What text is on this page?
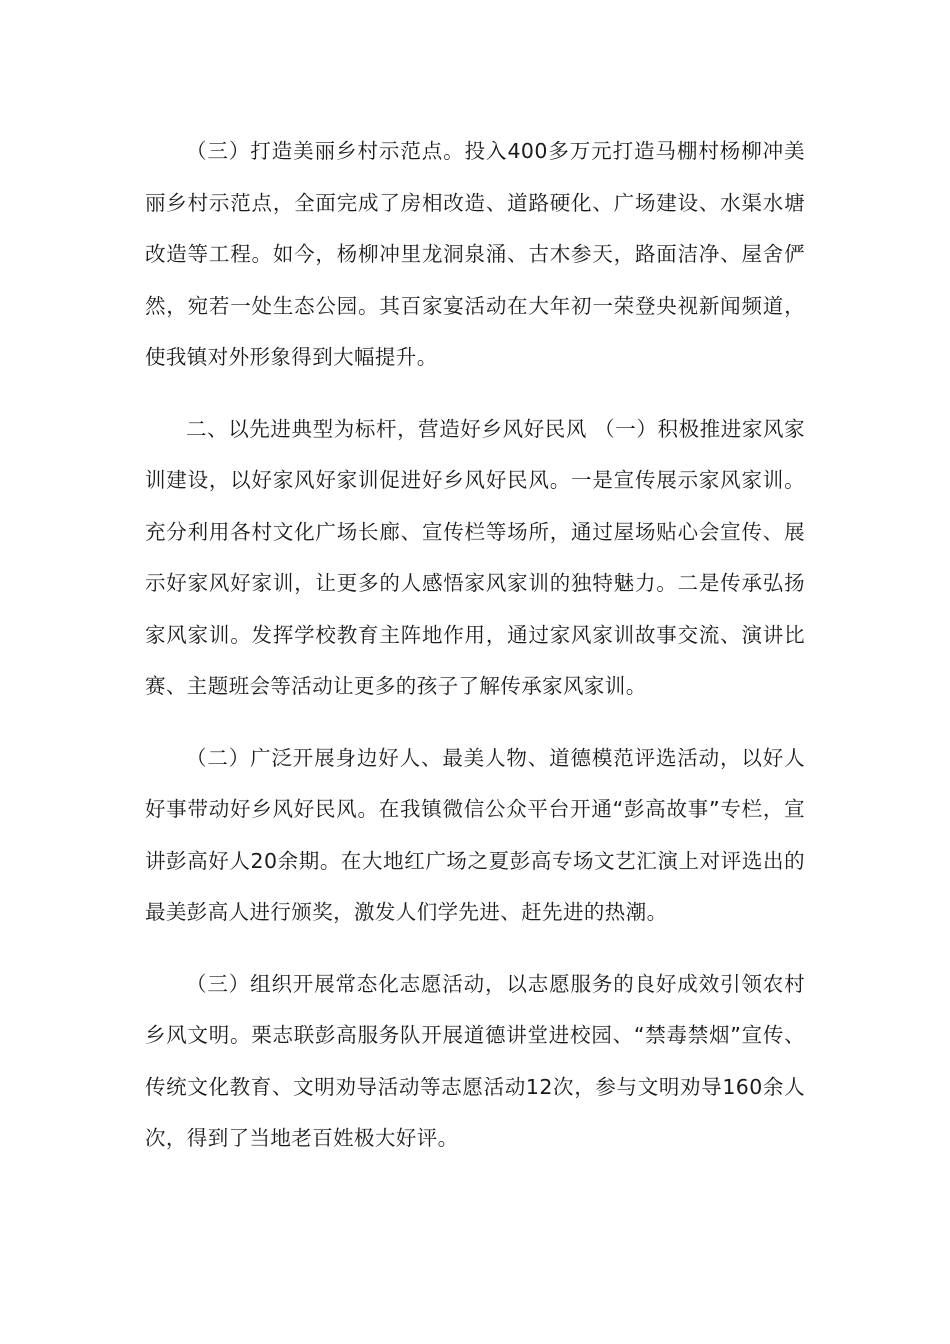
（三）打造美丽乡村示范点。投入400多万元打造马棚村杨柳冲美丽乡村示范点，全面完成了房相改造、道路硬化、广场建设、水渠水塘改造等工程。如今，杨柳冲里龙洞泉涌、古木参天，路面洁净、屋舍俨然，宛若一处生态公园。其百家宴活动在大年初一荣登央视新闻频道，使我镇对外形象得到大幅提升。

二、以先进典型为标杆，营造好乡风好民风 （一）积极推进家风家训建设，以好家风好家训促进好乡风好民风。一是宣传展示家风家训。充分利用各村文化广场长廊、宣传栏等场所，通过屋场贴心会宣传、展示好家风好家训，让更多的人感悟家风家训的独特魅力。二是传承弘扬家风家训。发挥学校教育主阵地作用，通过家风家训故事交流、演讲比赛、主题班会等活动让更多的孩子了解传承家风家训。

（二）广泛开展身边好人、最美人物、道德模范评选活动，以好人好事带动好乡风好民风。在我镇微信公众平台开通“彭高故事”专栏，宣讲彭高好人20余期。在大地红广场之夏彭高专场文艺汇演上对评选出的最美彭高人进行颁奖，激发人们学先进、赶先进的热潮。

（三）组织开展常态化志愿活动，以志愿服务的良好成效引领农村乡风文明。栗志联彭高服务队开展道德讲堂进校园、“禁毒禁烟”宣传、传统文化教育、文明劝导活动等志愿活动12次，参与文明劝导160余人次，得到了当地老百姓极大好评。
